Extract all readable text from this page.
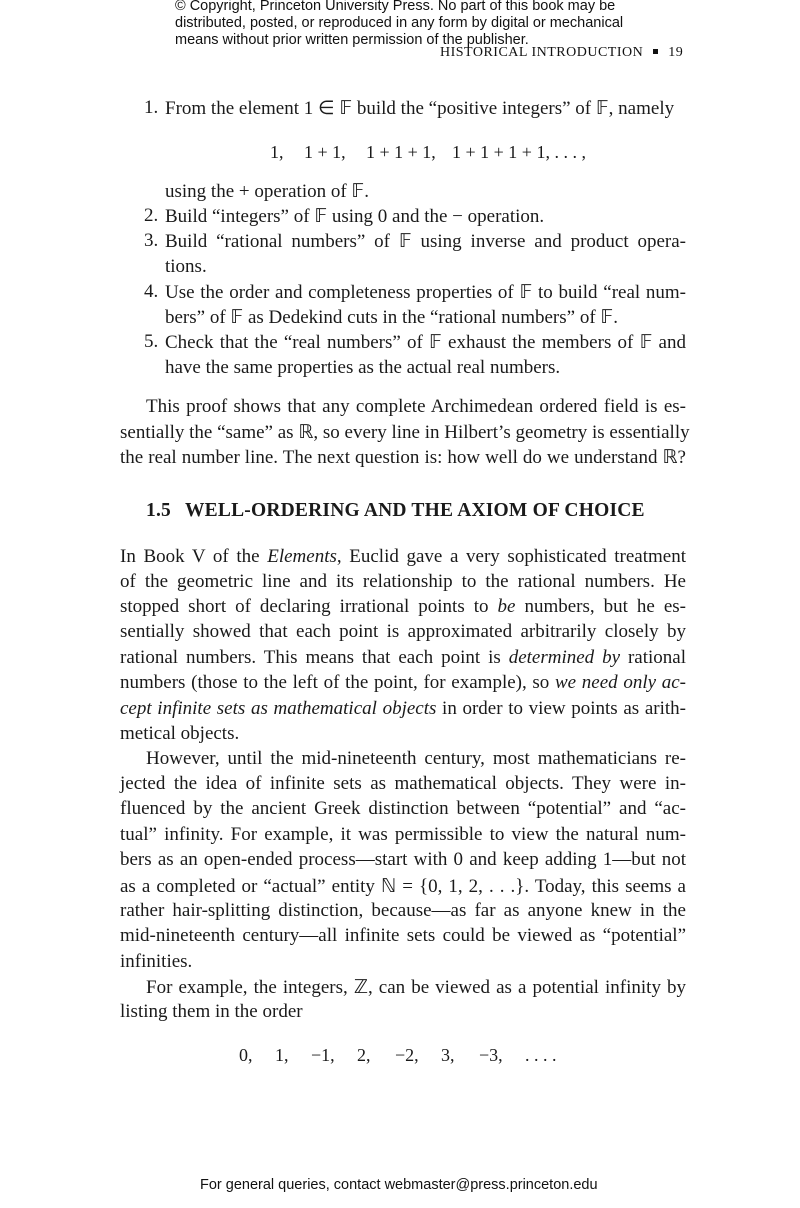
© Copyright, Princeton University Press. No part of this book may be distributed, posted, or reproduced in any form by digital or mechanical means without prior written permission of the publisher.
HISTORICAL INTRODUCTION 19
1. From the element 1 ∈ 𝔽 build the “positive integers” of 𝔽, namely
1, 1 + 1, 1 + 1 + 1, 1 + 1 + 1 + 1, . . . ,
using the + operation of 𝔽.
2. Build “integers” of 𝔽 using 0 and the − operation.
3. Build “rational numbers” of 𝔽 using inverse and product opera-
tions.
4. Use the order and completeness properties of 𝔽 to build “real num-
bers” of 𝔽 as Dedekind cuts in the “rational numbers” of 𝔽.
5. Check that the “real numbers” of 𝔽 exhaust the members of 𝔽 and
have the same properties as the actual real numbers.
This proof shows that any complete Archimedean ordered field is es-
sentially the “same” as ℝ, so every line in Hilbert’s geometry is essentially
the real number line. The next question is: how well do we understand ℝ?
1.5 WELL-ORDERING AND THE AXIOM OF CHOICE
In Book V of the Elements, Euclid gave a very sophisticated treatment
of the geometric line and its relationship to the rational numbers. He
stopped short of declaring irrational points to be numbers, but he es-
sentially showed that each point is approximated arbitrarily closely by
rational numbers. This means that each point is determined by rational
numbers (those to the left of the point, for example), so we need only ac-
cept infinite sets as mathematical objects in order to view points as arith-
metical objects.
However, until the mid-nineteenth century, most mathematicians re-
jected the idea of infinite sets as mathematical objects. They were in-
fluenced by the ancient Greek distinction between “potential” and “ac-
tual” infinity. For example, it was permissible to view the natural num-
bers as an open-ended process—start with 0 and keep adding 1—but not
as a completed or “actual” entity ℕ = {0, 1, 2, . . .}. Today, this seems a
rather hair-splitting distinction, because—as far as anyone knew in the
mid-nineteenth century—all infinite sets could be viewed as “potential”
infinities.
For example, the integers, ℤ, can be viewed as a potential infinity by
listing them in the order
0, 1, −1, 2, −2, 3, −3, . . . .
For general queries, contact webmaster@press.princeton.edu
